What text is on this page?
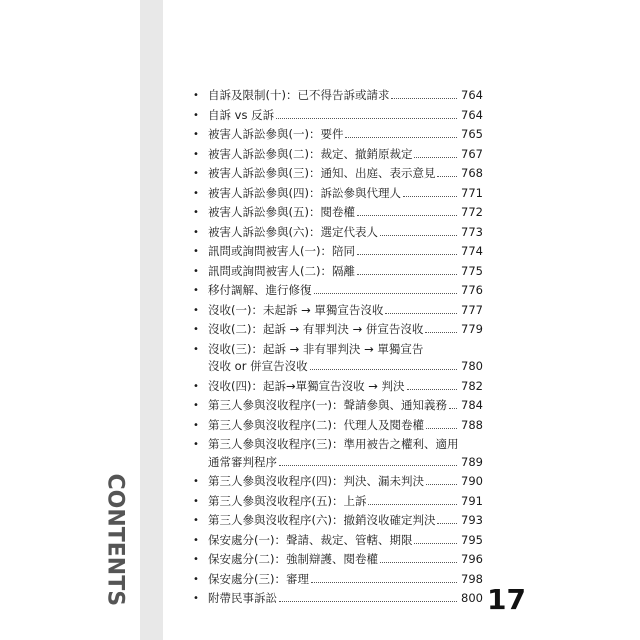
CONTENTS
• 自訴及限制(十)：已不得告訴或請求	764
• 自訴 vs 反訴	764
• 被害人訴訟參與(一)：要件	765
• 被害人訴訟參與(二)：裁定、撤銷原裁定	767
• 被害人訴訟參與(三)：通知、出庭、表示意見 768
• 被害人訴訟參與(四)：訴訟參與代理人	771
• 被害人訴訟參與(五)：閱卷權	772
• 被害人訴訟參與(六)：選定代表人	773
• 訊問或詢問被害人(一)：陪同	774
• 訊問或詢問被害人(二)：隔離	775
• 移付調解、進行修復	776
• 沒收(一)：未起訴 → 單獨宣告沒收	777
• 沒收(二)：起訴 → 有罪判決 → 併宣告沒收	779
• 沒收(三)：起訴 → 非有罪判決 → 單獨宣告
沒收 or 併宣告沒收	780
• 沒收(四)：起訴→單獨宣告沒收 → 判決	782
• 第三人參與沒收程序(一)：聲請參與、通知義務 784
• 第三人參與沒收程序(二)：代理人及閱卷權	788
• 第三人參與沒收程序(三)：準用被告之權利、適用
通常審判程序	789
• 第三人參與沒收程序(四)：判決、漏未判決	790
• 第三人參與沒收程序(五)：上訴	791
• 第三人參與沒收程序(六)：撤銷沒收確定判決 793
• 保安處分(一)：聲請、裁定、管轄、期限	795
• 保安處分(二)：強制辯護、閱卷權	796
• 保安處分(三)：審理	798
• 附帶民事訴訟	800 17
